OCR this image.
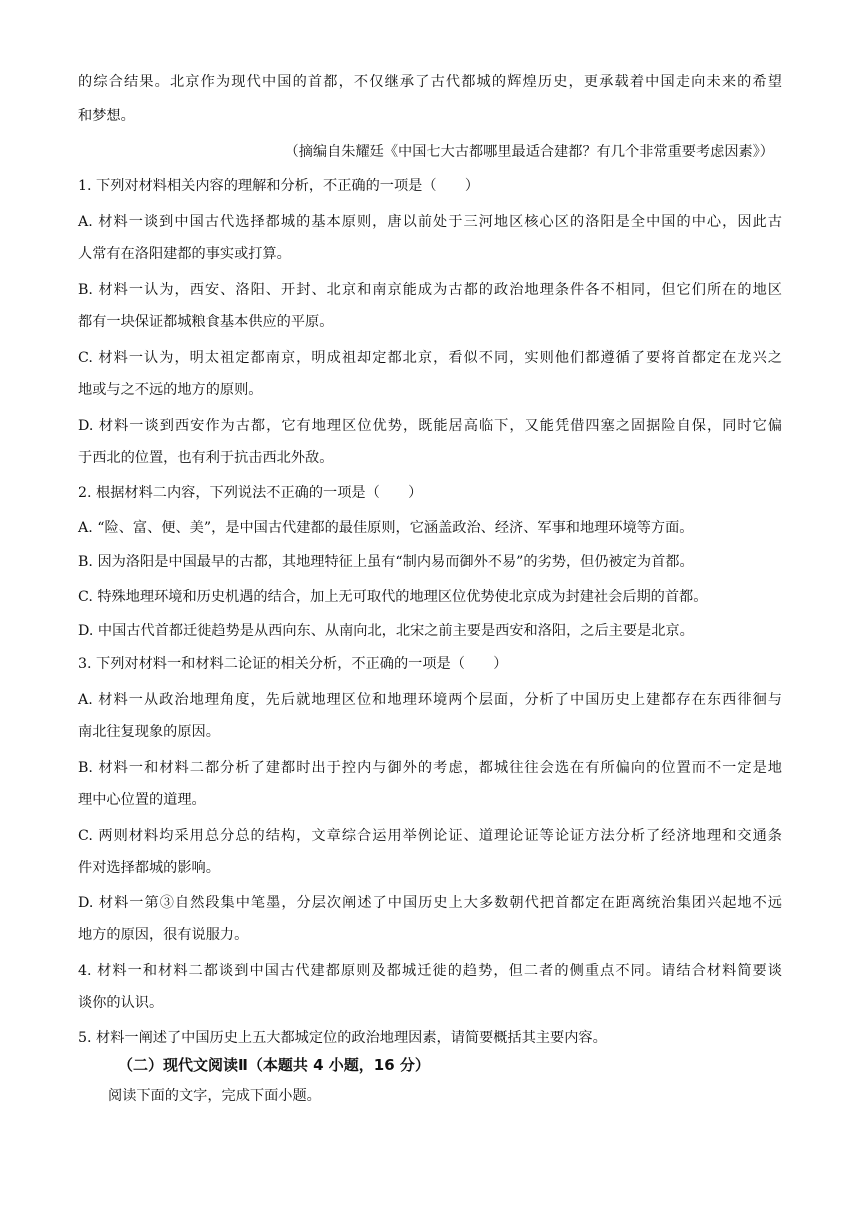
的综合结果。北京作为现代中国的首都，不仅继承了古代都城的辉煌历史，更承载着中国走向未来的希望
和梦想。
（摘编自朱耀廷《中国七大古都哪里最适合建都？有几个非常重要考虑因素》）
1. 下列对材料相关内容的理解和分析，不正确的一项是（　　）
A. 材料一谈到中国古代选择都城的基本原则，唐以前处于三河地区核心区的洛阳是全中国的中心，因此古
人常有在洛阳建都的事实或打算。
B. 材料一认为，西安、洛阳、开封、北京和南京能成为古都的政治地理条件各不相同，但它们所在的地区
都有一块保证都城粮食基本供应的平原。
C. 材料一认为，明太祖定都南京，明成祖却定都北京，看似不同，实则他们都遵循了要将首都定在龙兴之
地或与之不远的地方的原则。
D. 材料一谈到西安作为古都，它有地理区位优势，既能居高临下，又能凭借四塞之固据险自保，同时它偏
于西北的位置，也有利于抗击西北外敌。
2. 根据材料二内容，下列说法不正确的一项是（　　）
A. “险、富、便、美”，是中国古代建都的最佳原则，它涵盖政治、经济、军事和地理环境等方面。
B. 因为洛阳是中国最早的古都，其地理特征上虽有“制内易而御外不易”的劣势，但仍被定为首都。
C. 特殊地理环境和历史机遇的结合，加上无可取代的地理区位优势使北京成为封建社会后期的首都。
D. 中国古代首都迁徙趋势是从西向东、从南向北，北宋之前主要是西安和洛阳，之后主要是北京。
3. 下列对材料一和材料二论证的相关分析，不正确的一项是（　　）
A. 材料一从政治地理角度，先后就地理区位和地理环境两个层面，分析了中国历史上建都存在东西徘徊与
南北往复现象的原因。
B. 材料一和材料二都分析了建都时出于控内与御外的考虑，都城往往会选在有所偏向的位置而不一定是地
理中心位置的道理。
C. 两则材料均采用总分总的结构，文章综合运用举例论证、道理论证等论证方法分析了经济地理和交通条
件对选择都城的影响。
D. 材料一第③自然段集中笔墨，分层次阐述了中国历史上大多数朝代把首都定在距离统治集团兴起地不远
地方的原因，很有说服力。
4. 材料一和材料二都谈到中国古代建都原则及都城迁徙的趋势，但二者的侧重点不同。请结合材料简要谈
谈你的认识。
5. 材料一阐述了中国历史上五大都城定位的政治地理因素，请简要概括其主要内容。
（二）现代文阅读Ⅱ（本题共 4 小题，16 分）
阅读下面的文字，完成下面小题。
